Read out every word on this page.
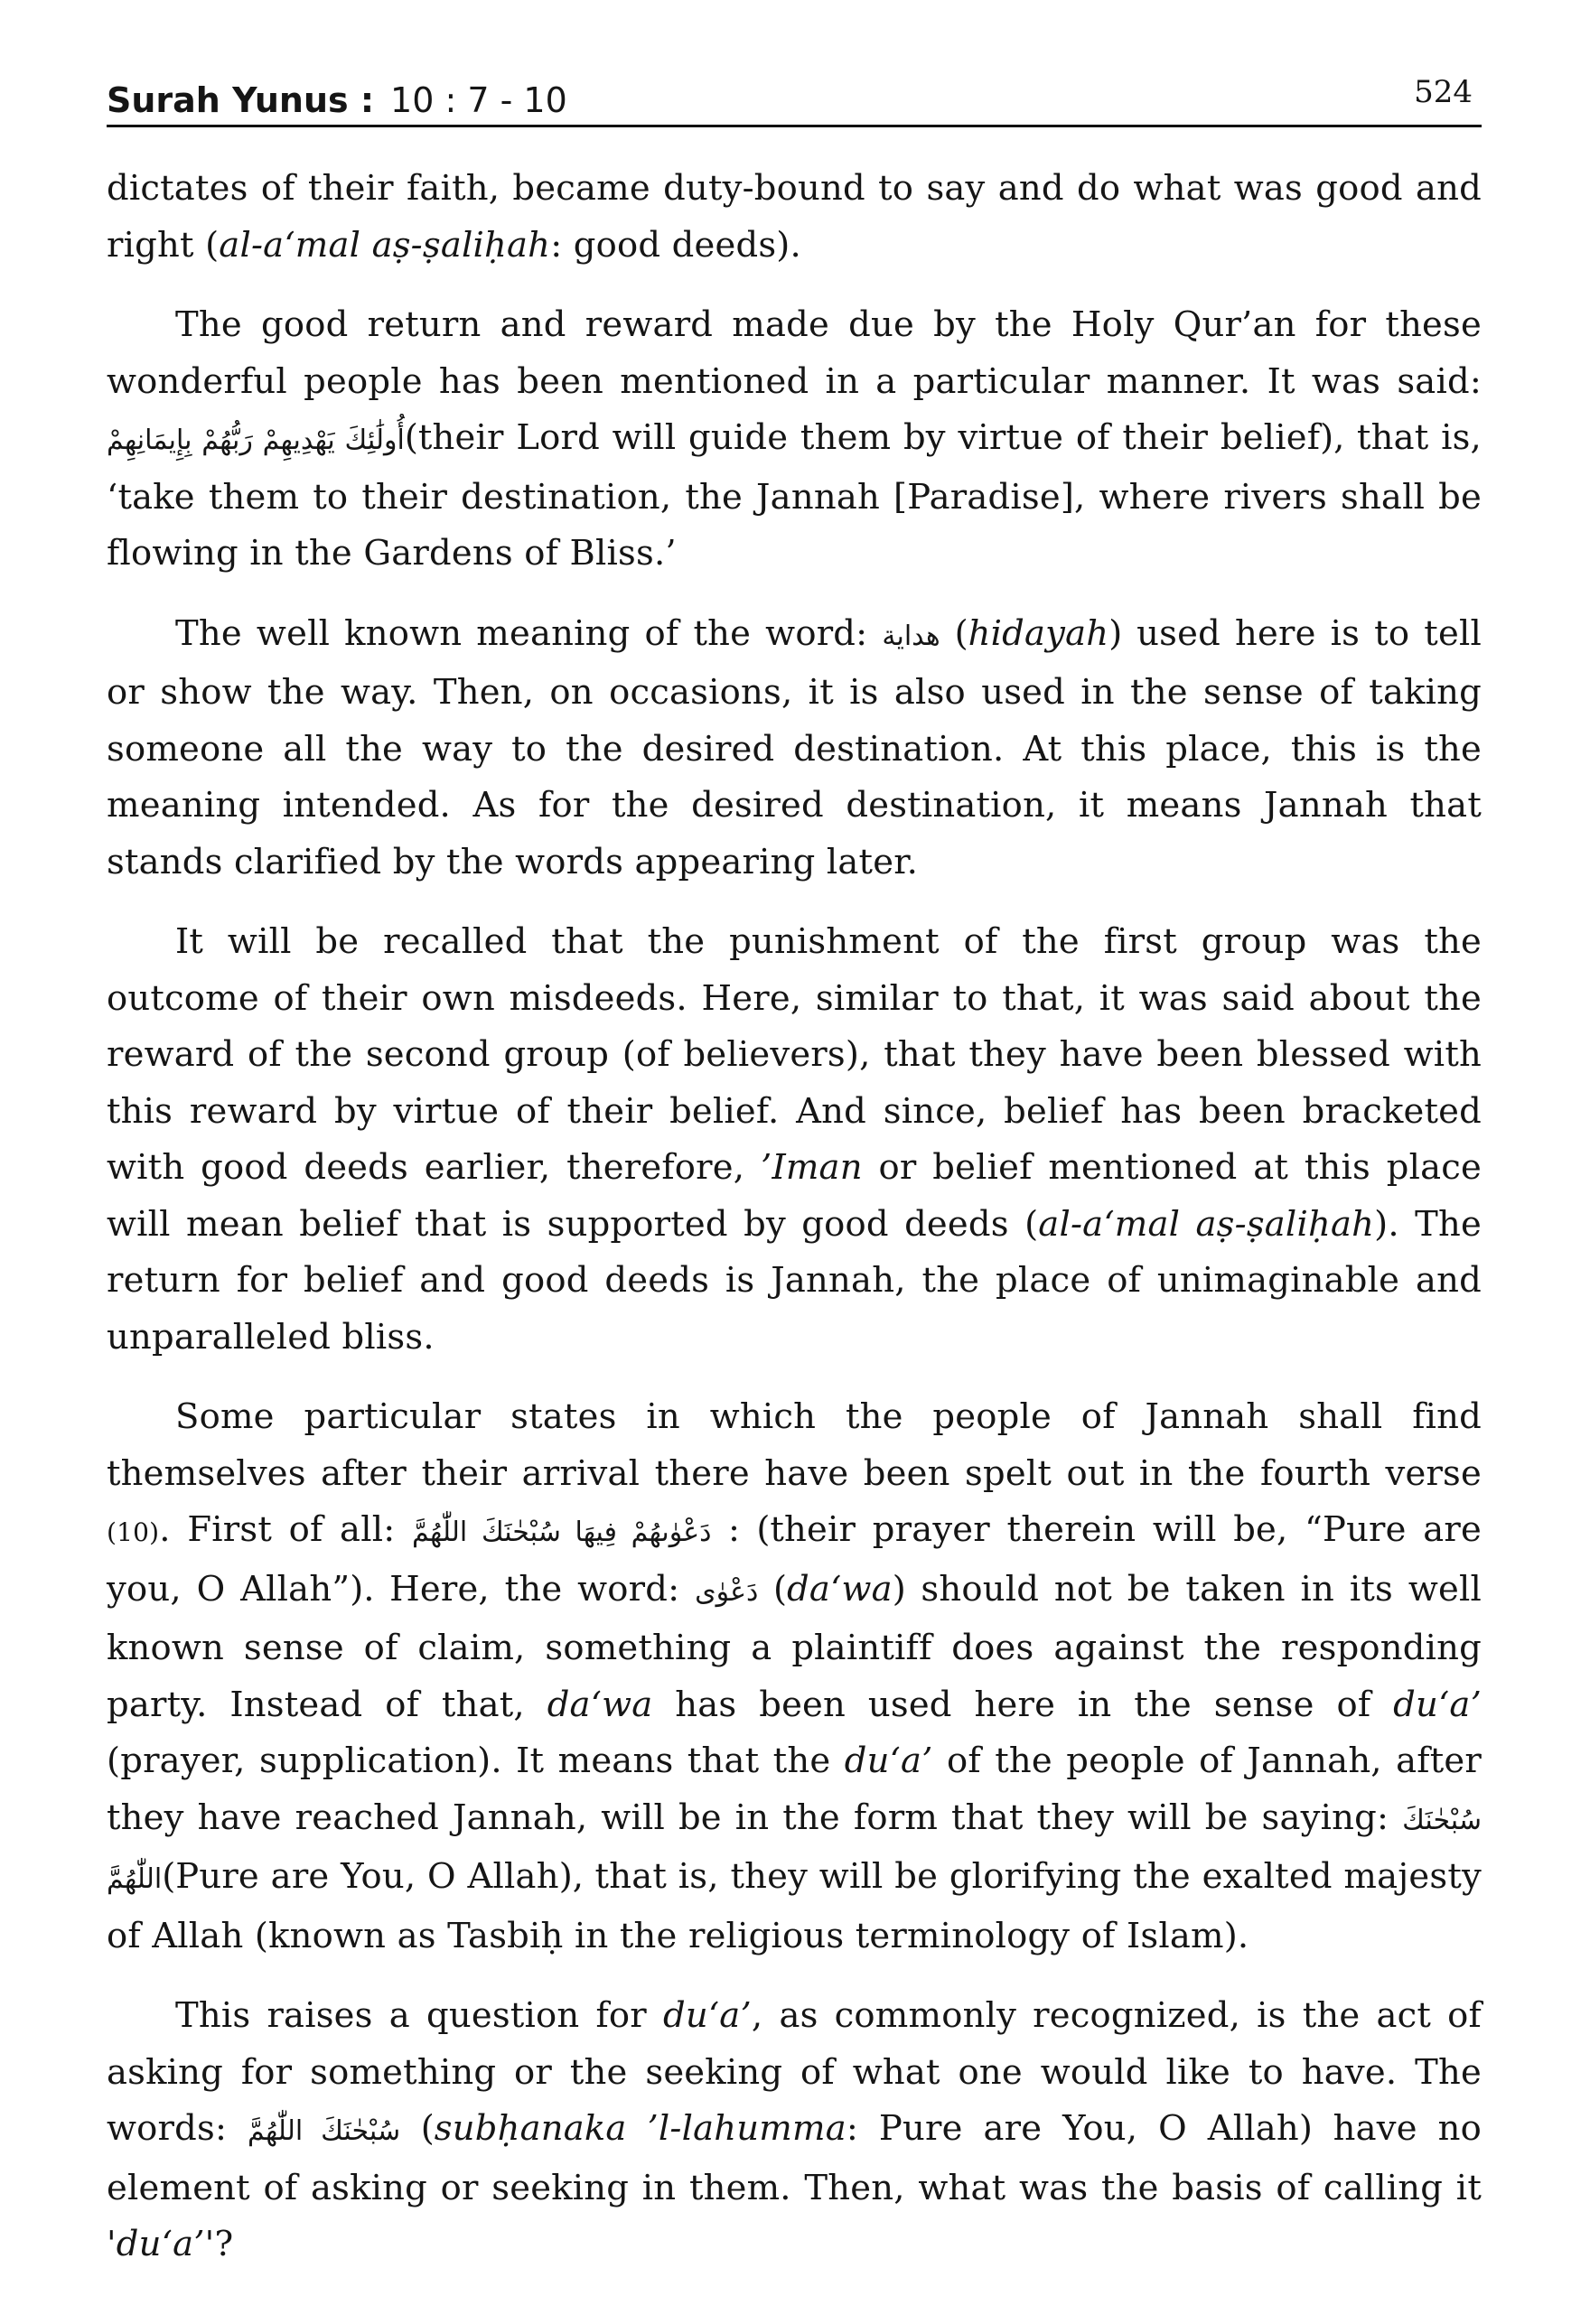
Surah Yunus : 10 : 7 - 10	524

dictates of their faith, became duty-bound to say and do what was good and right (al-a‘mal aṣ-ṣaliḥah: good deeds).

The good return and reward made due by the Holy Qur’an for these wonderful people has been mentioned in a particular manner. It was said: أُولَٰئِكَ يَهْدِيهِمْ رَبُّهُمْ بِإِيمَانِهِمْ(their Lord will guide them by virtue of their belief), that is, ‘take them to their destination, the Jannah [Paradise], where rivers shall be flowing in the Gardens of Bliss.’

The well known meaning of the word: هداية (hidayah) used here is to tell or show the way. Then, on occasions, it is also used in the sense of taking someone all the way to the desired destination. At this place, this is the meaning intended. As for the desired destination, it means Jannah that stands clarified by the words appearing later.

It will be recalled that the punishment of the first group was the outcome of their own misdeeds. Here, similar to that, it was said about the reward of the second group (of believers), that they have been blessed with this reward by virtue of their belief. And since, belief has been bracketed with good deeds earlier, therefore, ’Iman or belief mentioned at this place will mean belief that is supported by good deeds (al-a‘mal aṣ-ṣaliḥah). The return for belief and good deeds is Jannah, the place of unimaginable and unparalleled bliss.

Some particular states in which the people of Jannah shall find themselves after their arrival there have been spelt out in the fourth verse (10). First of all: دَعْوٰىهُمْ فِيهَا سُبْحٰنَكَ اللّٰهُمَّ : (their prayer therein will be, “Pure are you, O Allah”). Here, the word: دَعْوٰى (da‘wa) should not be taken in its well known sense of claim, something a plaintiff does against the responding party. Instead of that, da‘wa has been used here in the sense of du‘a’ (prayer, supplication). It means that the du‘a’ of the people of Jannah, after they have reached Jannah, will be in the form that they will be saying: سُبْحٰنَكَ اللّٰهُمَّ(Pure are You, O Allah), that is, they will be glorifying the exalted majesty of Allah (known as Tasbiḥ in the religious terminology of Islam).

This raises a question for du‘a’, as commonly recognized, is the act of asking for something or the seeking of what one would like to have. The words: سُبْحٰنَكَ اللّٰهُمَّ (subḥanaka ’l-lahumma: Pure are You, O Allah) have no element of asking or seeking in them. Then, what was the basis of calling it 'du‘a’'?
